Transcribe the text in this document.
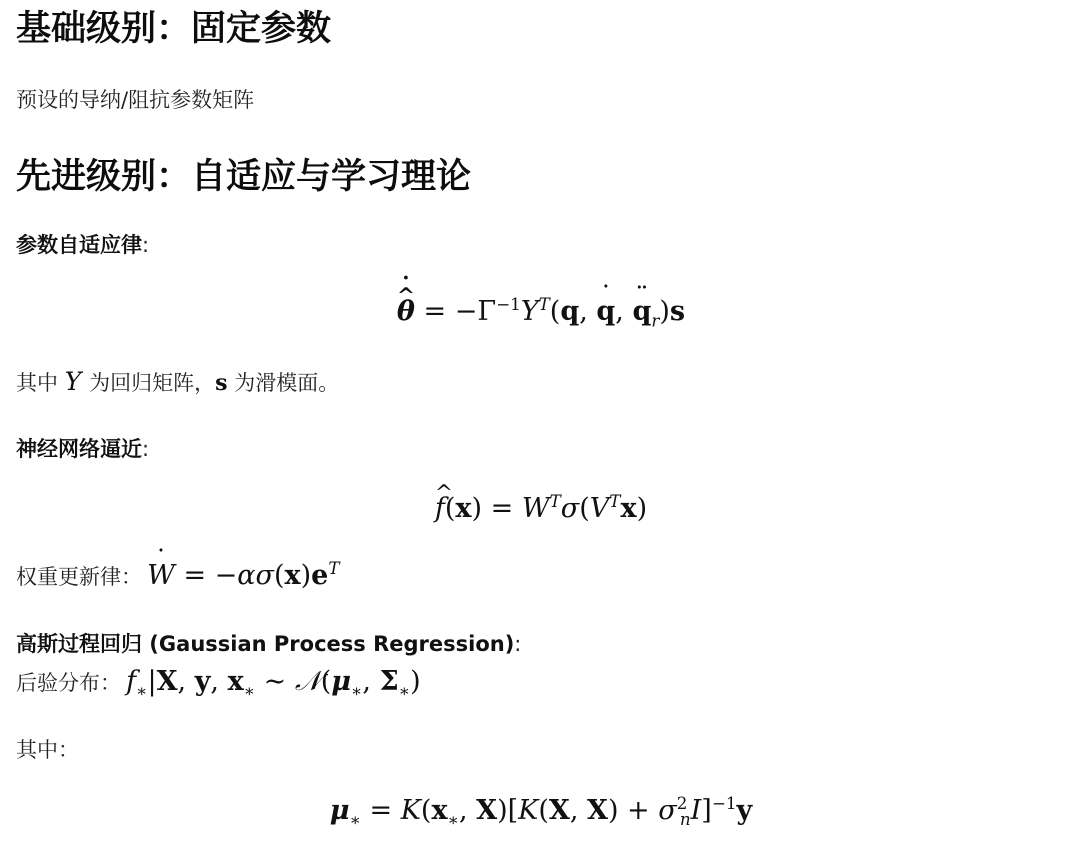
基础级别：固定参数
预设的导纳/阻抗参数矩阵
先进级别：自适应与学习理论
参数自适应律:
˙ θ ^ = $-\Gamma^{-1}Y^T(q$, q ˙, q $¨_r)s$
其中 Y 为回归矩阵，s 为滑模面。
神经网络逼近:
f ^(x) = $W^T\sigma(V^Tx)$
权重更新律： W ˙ = $-\alpha\sigma(x)e^T$
高斯过程回归 (Gaussian Process Regression):
后验分布： $f_∗|X$, y, $x_∗$ ∼ $𝒩(\mu_∗$, $\Sigma_∗$)
其中：
$\mu_∗ = K(x_∗$, X)[K(X, $X) + \sigma^2_nI]^{-1}y$
